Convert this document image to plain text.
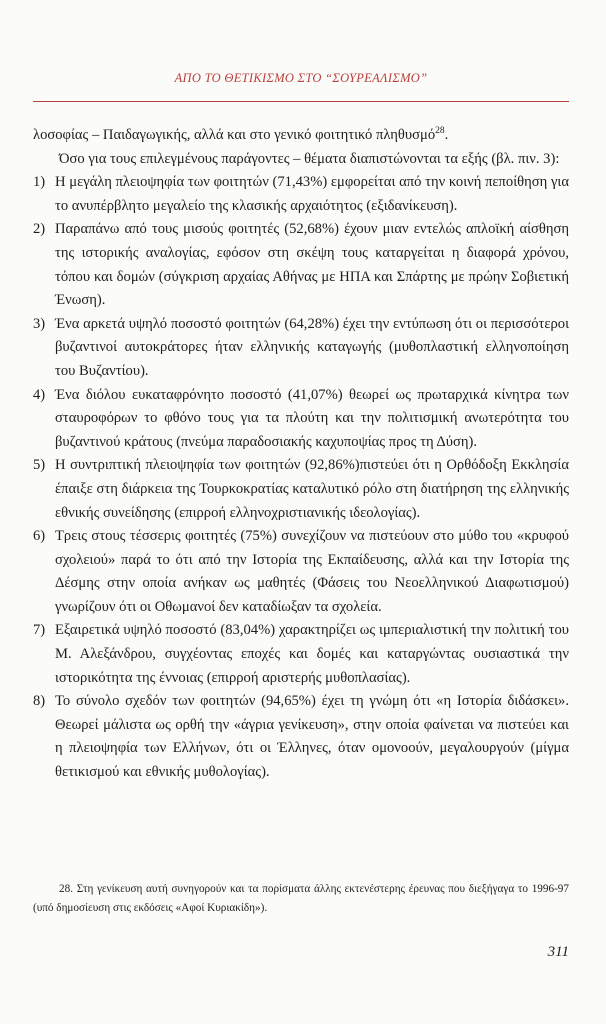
ΑΠΟ ΤΟ ΘΕΤΙΚΙΣΜΟ ΣΤΟ “ΣΟΥΡΕΑΛΙΣΜΟ”

λοσοφίας – Παιδαγωγικής, αλλά και στο γενικό φοιτητικό πληθυσμό$^{28}$.

Όσο για τους επιλεγμένους παράγοντες – θέματα διαπιστώνονται τα εξής (βλ. πιν. 3):

1) Η μεγάλη πλειοψηφία των φοιτητών (71,43%) εμφορείται από την κοινή πεποίθηση για το ανυπέρβλητο μεγαλείο της κλασικής αρχαιότητος (εξιδανίκευση).
2) Παραπάνω από τους μισούς φοιτητές (52,68%) έχουν μιαν εντελώς απλοϊκή αίσθηση της ιστορικής αναλογίας, εφόσον στη σκέψη τους καταργείται η διαφορά χρόνου, τόπου και δομών (σύγκριση αρχαίας Αθήνας με ΗΠΑ και Σπάρτης με πρώην Σοβιετική Ένωση).
3) Ένα αρκετά υψηλό ποσοστό φοιτητών (64,28%) έχει την εντύπωση ότι οι περισσότεροι βυζαντινοί αυτοκράτορες ήταν ελληνικής καταγωγής (μυθοπλαστική ελληνοποίηση του Βυζαντίου).
4) Ένα διόλου ευκαταφρόνητο ποσοστό (41,07%) θεωρεί ως πρωταρχικά κίνητρα των σταυροφόρων το φθόνο τους για τα πλούτη και την πολιτισμική ανωτερότητα του βυζαντινού κράτους (πνεύμα παραδοσιακής καχυποψίας προς τη Δύση).
5) Η συντριπτική πλειοψηφία των φοιτητών (92,86%)πιστεύει ότι η Ορθόδοξη Εκκλησία έπαιξε στη διάρκεια της Τουρκοκρατίας καταλυτικό ρόλο στη διατήρηση της ελληνικής εθνικής συνείδησης (επιρροή ελληνοχριστιανικής ιδεολογίας).
6) Τρεις στους τέσσερις φοιτητές (75%) συνεχίζουν να πιστεύουν στο μύθο του «κρυφού σχολειού» παρά το ότι από την Ιστορία της Εκπαίδευσης, αλλά και την Ιστορία της Δέσμης στην οποία ανήκαν ως μαθητές (Φάσεις του Νεοελληνικού Διαφωτισμού) γνωρίζουν ότι οι Οθωμανοί δεν καταδίωξαν τα σχολεία.
7) Εξαιρετικά υψηλό ποσοστό (83,04%) χαρακτηρίζει ως ιμπεριαλιστική την πολιτική του Μ. Αλεξάνδρου, συγχέοντας εποχές και δομές και καταργώντας ουσιαστικά την ιστορικότητα της έννοιας (επιρροή αριστερής μυθοπλασίας).
8) Το σύνολο σχεδόν των φοιτητών (94,65%) έχει τη γνώμη ότι «η Ιστορία διδάσκει». Θεωρεί μάλιστα ως ορθή την «άγρια γενίκευση», στην οποία φαίνεται να πιστεύει και η πλειοψηφία των Ελλήνων, ότι οι Έλληνες, όταν ομονοούν, μεγαλουργούν (μίγμα θετικισμού και εθνικής μυθολογίας).
28. Στη γενίκευση αυτή συνηγορούν και τα πορίσματα άλλης εκτενέστερης έρευνας που διεξήγαγα το 1996-97 (υπό δημοσίευση στις εκδόσεις «Αφοί Κυριακίδη»).
311
